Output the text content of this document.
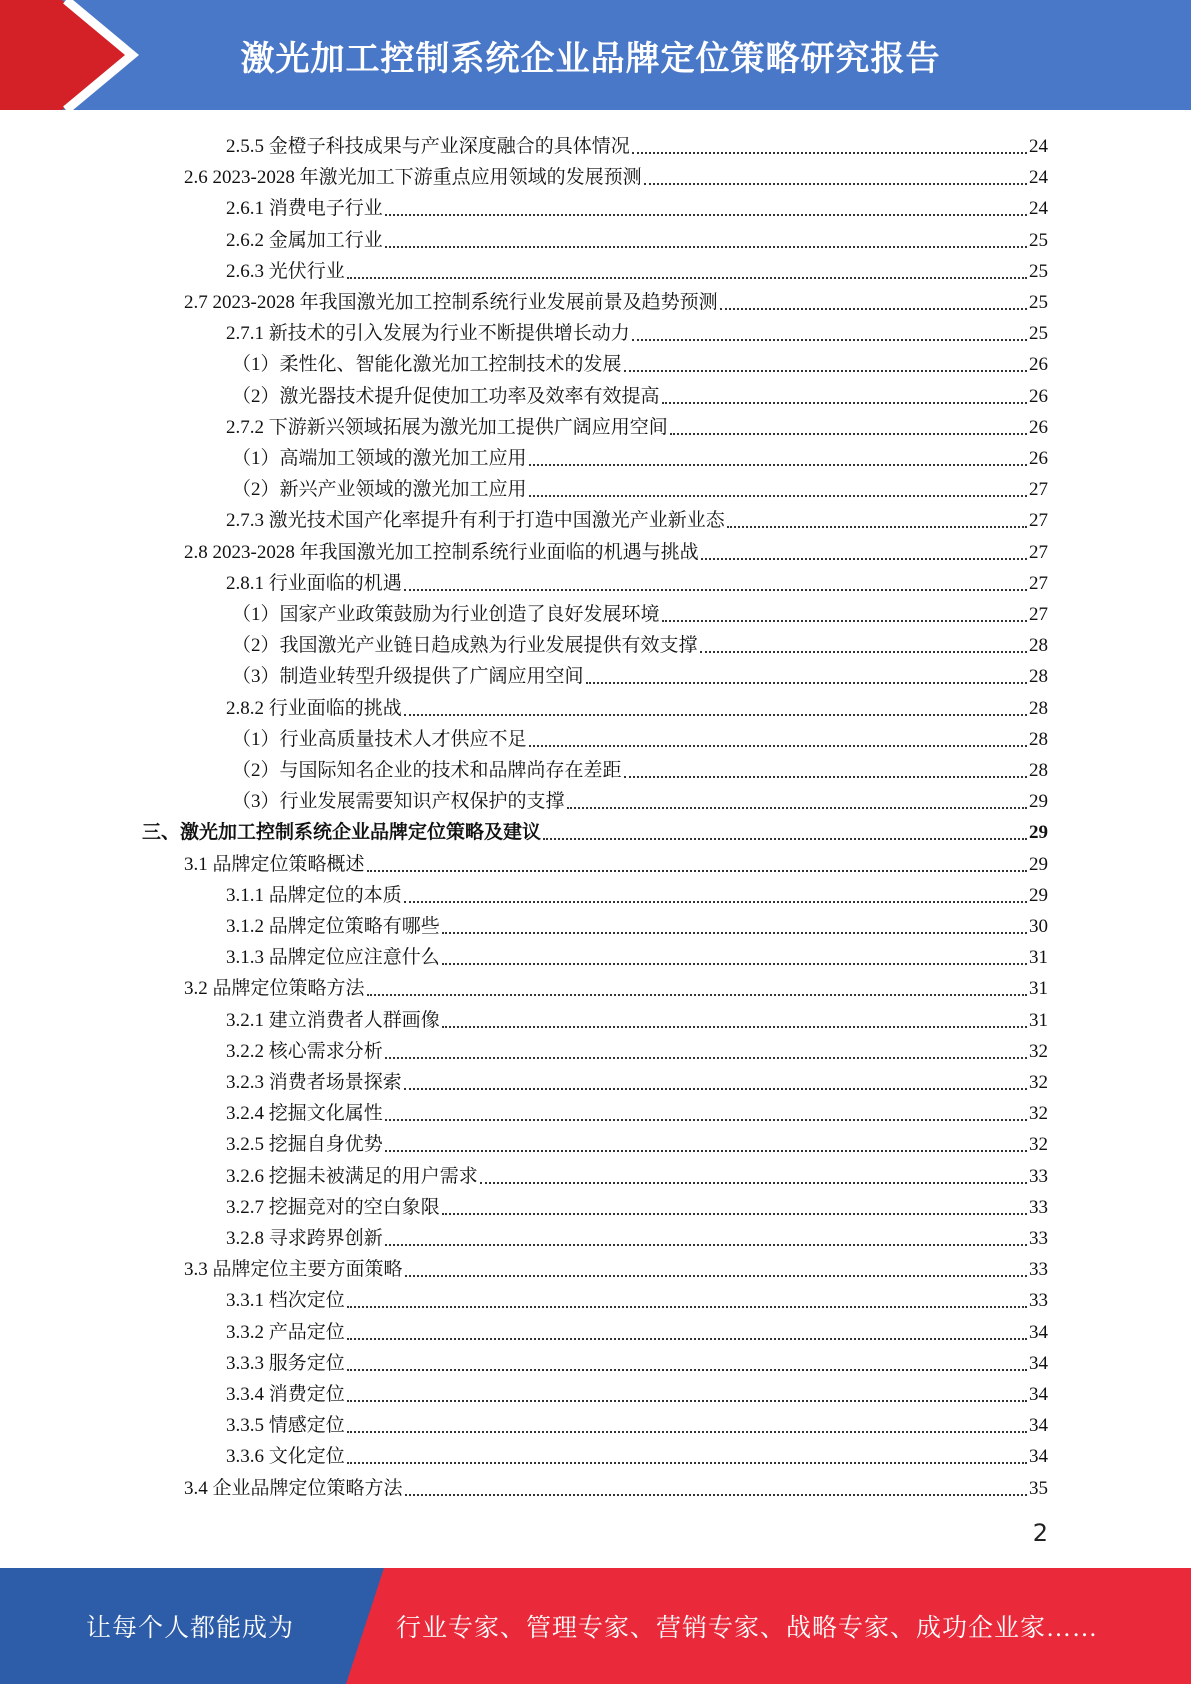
激光加工控制系统企业品牌定位策略研究报告
2.5.5 金橙子科技成果与产业深度融合的具体情况	24
2.6 2023-2028 年激光加工下游重点应用领域的发展预测	24
2.6.1 消费电子行业	24
2.6.2 金属加工行业	25
2.6.3 光伏行业	25
2.7 2023-2028 年我国激光加工控制系统行业发展前景及趋势预测	25
2.7.1 新技术的引入发展为行业不断提供增长动力	25
（1）柔性化、智能化激光加工控制技术的发展	26
（2）激光器技术提升促使加工功率及效率有效提高	26
2.7.2 下游新兴领域拓展为激光加工提供广阔应用空间	26
（1）高端加工领域的激光加工应用	26
（2）新兴产业领域的激光加工应用	27
2.7.3 激光技术国产化率提升有利于打造中国激光产业新业态	27
2.8 2023-2028 年我国激光加工控制系统行业面临的机遇与挑战	27
2.8.1 行业面临的机遇	27
（1）国家产业政策鼓励为行业创造了良好发展环境	27
（2）我国激光产业链日趋成熟为行业发展提供有效支撑	28
（3）制造业转型升级提供了广阔应用空间	28
2.8.2 行业面临的挑战	28
（1）行业高质量技术人才供应不足	28
（2）与国际知名企业的技术和品牌尚存在差距	28
（3）行业发展需要知识产权保护的支撑	29
三、激光加工控制系统企业品牌定位策略及建议	29
3.1 品牌定位策略概述	29
3.1.1 品牌定位的本质	29
3.1.2 品牌定位策略有哪些	30
3.1.3 品牌定位应注意什么	31
3.2 品牌定位策略方法	31
3.2.1 建立消费者人群画像	31
3.2.2 核心需求分析	32
3.2.3 消费者场景探索	32
3.2.4 挖掘文化属性	32
3.2.5 挖掘自身优势	32
3.2.6 挖掘未被满足的用户需求	33
3.2.7 挖掘竞对的空白象限	33
3.2.8 寻求跨界创新	33
3.3 品牌定位主要方面策略	33
3.3.1 档次定位	33
3.3.2 产品定位	34
3.3.3 服务定位	34
3.3.4 消费定位	34
3.3.5 情感定位	34
3.3.6 文化定位	34
3.4 企业品牌定位策略方法	35
2
让每个人都能成为	行业专家、管理专家、营销专家、战略专家、成功企业家……
